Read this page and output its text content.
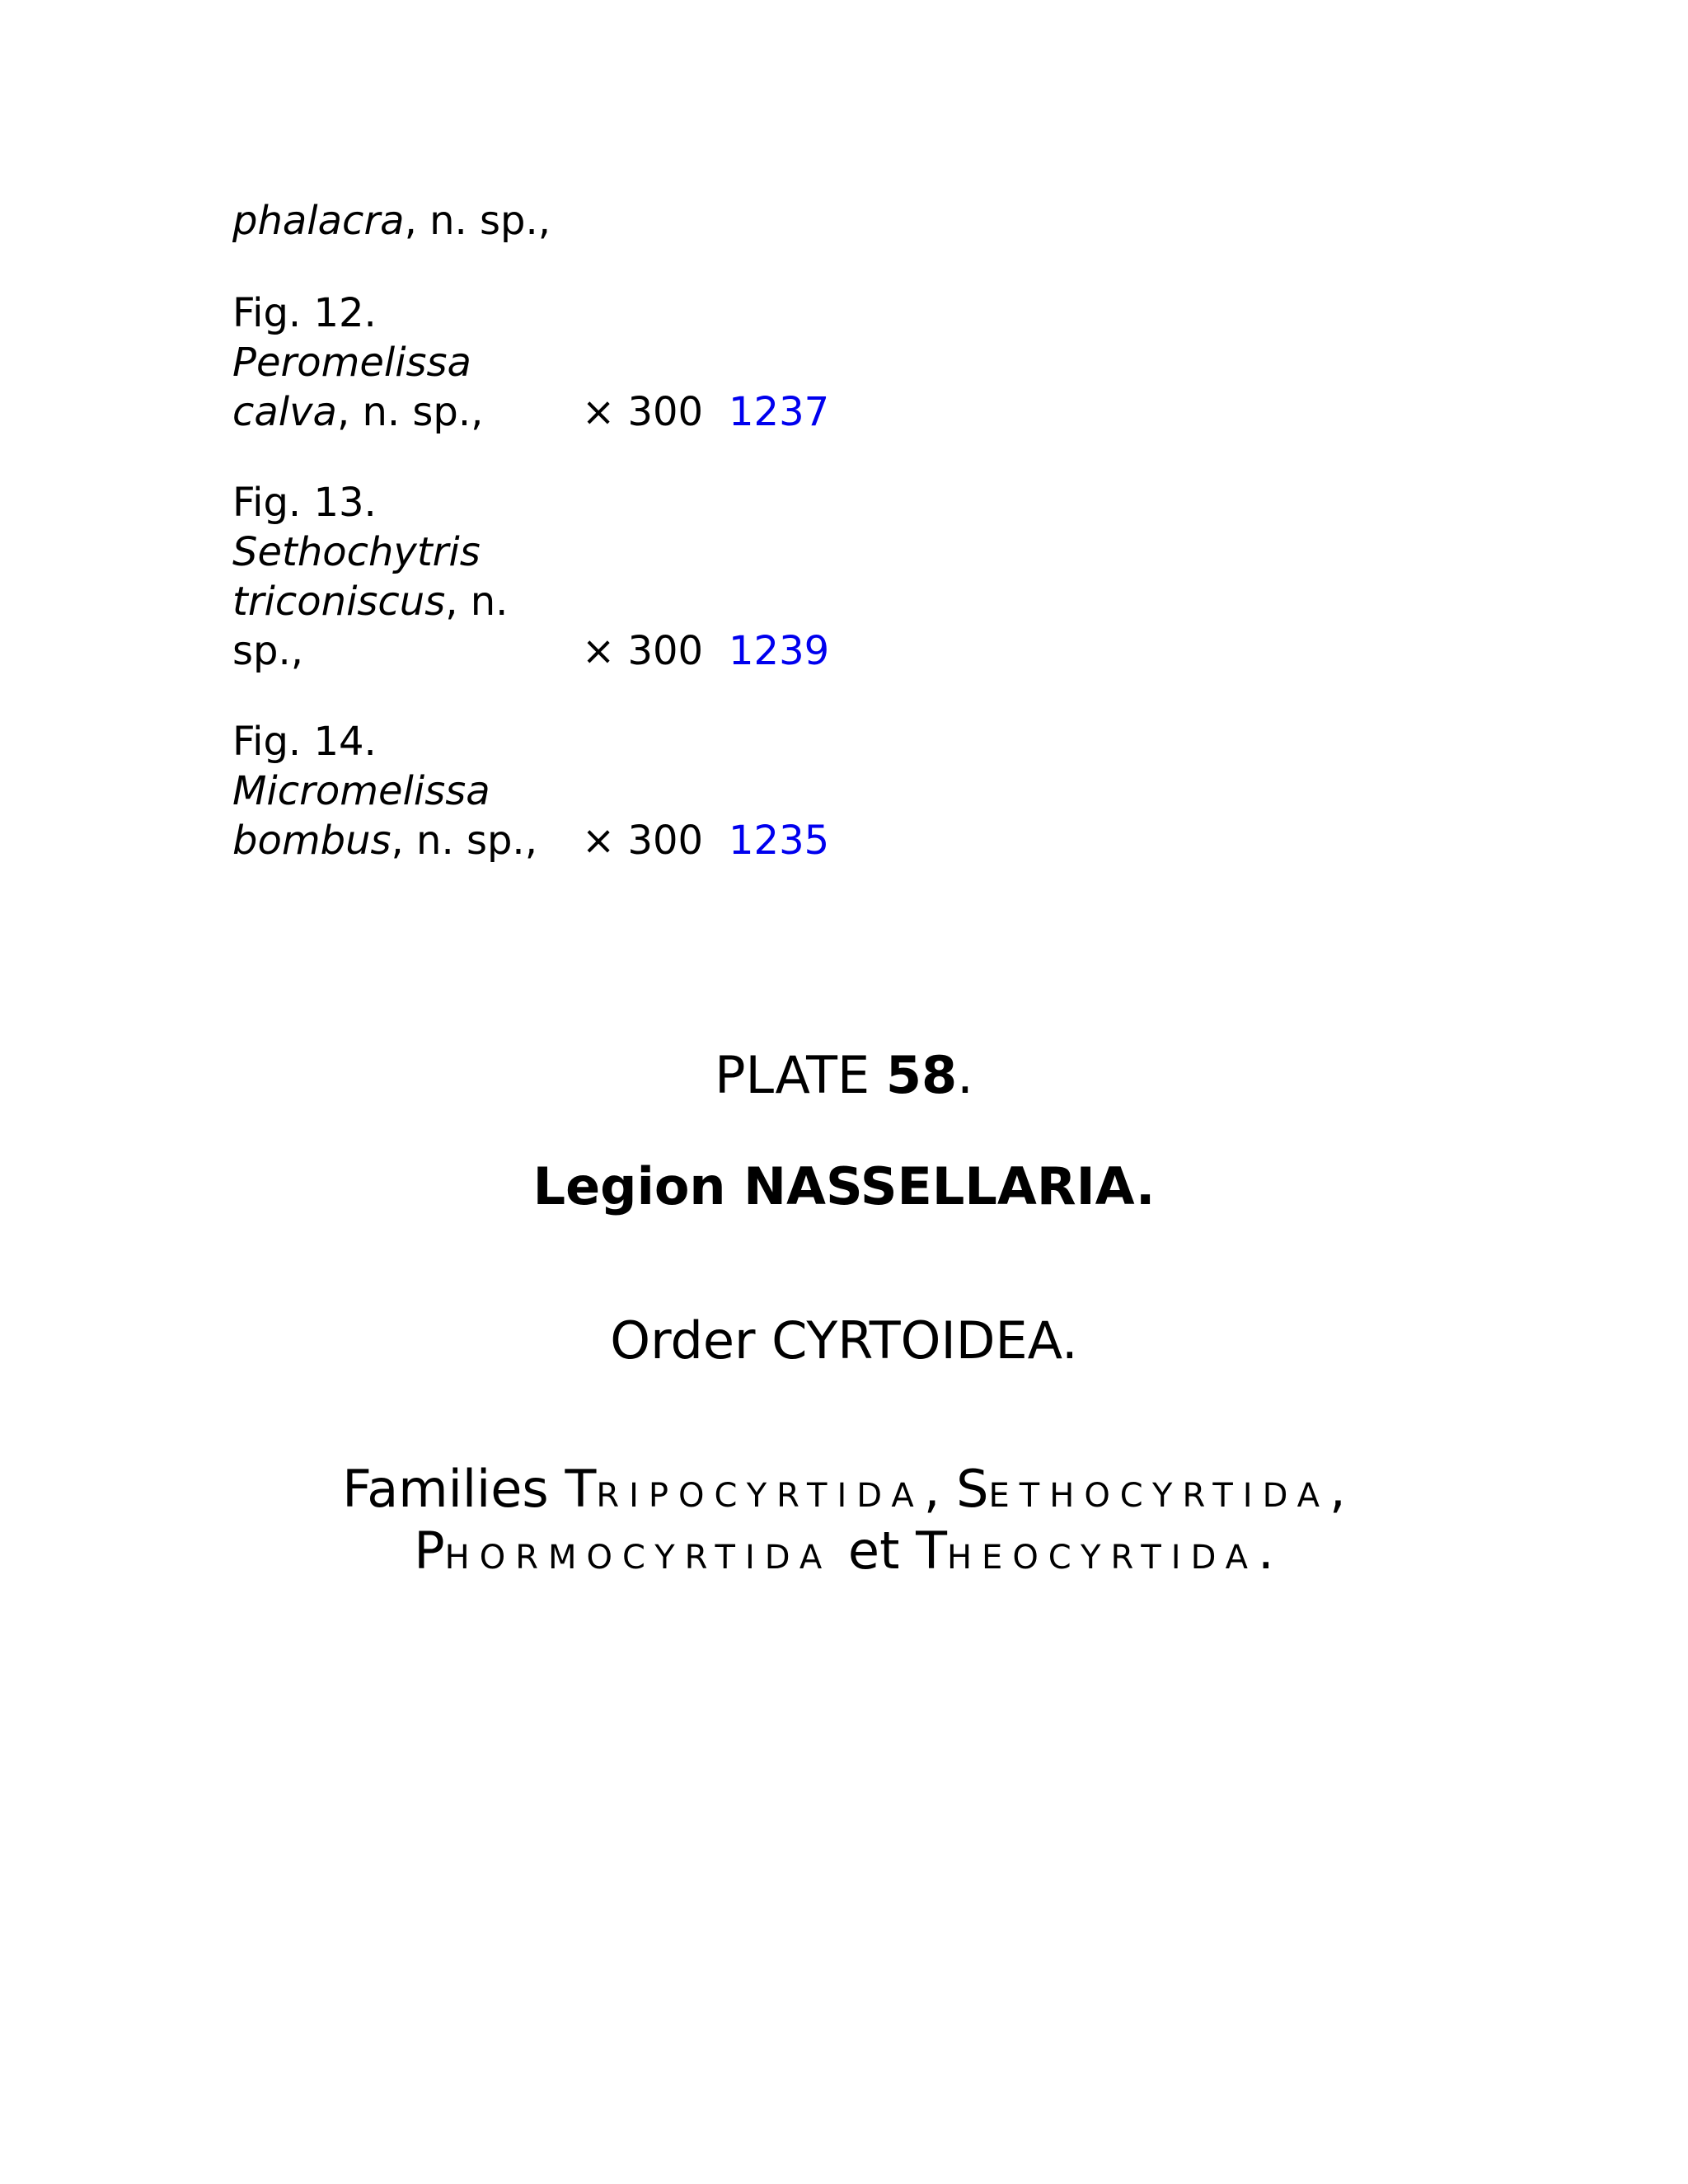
phalacra, n. sp.,
Fig. 12.
Peromelissa
calva, n. sp., × 300 1237
Fig. 13.
Sethochytris
triconiscus, n.
sp.,	× 300 1239
Fig. 14.
Micromelissa
bombus, n. sp., × 300 1235
PLATE 58.
Legion NASSELLARIA.
Order CYRTOIDEA.
Families TRIPOCYRTIDA, SETHOCYRTIDA,
PHORMOCYRTIDA et THEOCYRTIDA.
